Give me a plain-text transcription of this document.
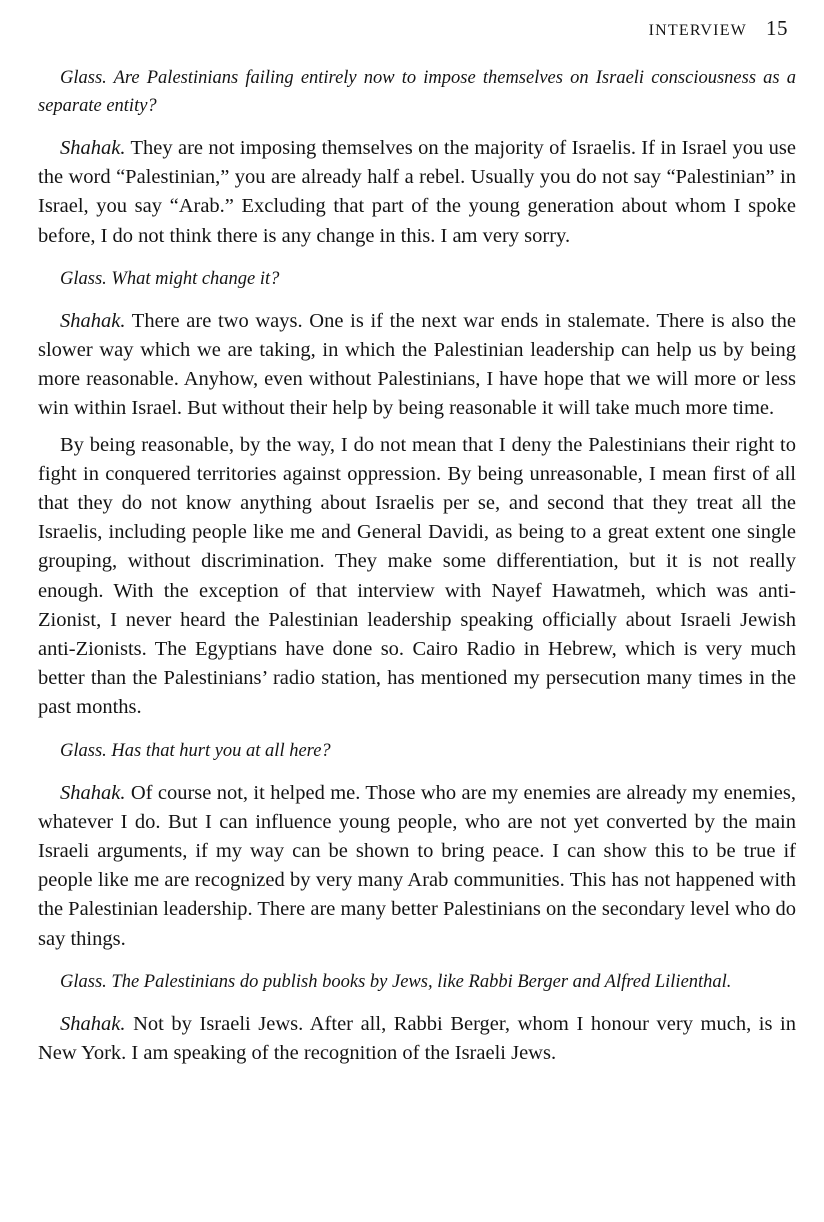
INTERVIEW 15

Glass. Are Palestinians failing entirely now to impose themselves on Israeli consciousness as a separate entity?

Shahak. They are not imposing themselves on the majority of Israelis. If in Israel you use the word “Palestinian,” you are already half a rebel. Usually you do not say “Palestinian” in Israel, you say “Arab.” Excluding that part of the young generation about whom I spoke before, I do not think there is any change in this. I am very sorry.

Glass. What might change it?

Shahak. There are two ways. One is if the next war ends in stalemate. There is also the slower way which we are taking, in which the Palestinian leadership can help us by being more reasonable. Anyhow, even without Palestinians, I have hope that we will more or less win within Israel. But without their help by being reasonable it will take much more time.

By being reasonable, by the way, I do not mean that I deny the Palestinians their right to fight in conquered territories against oppression. By being unreasonable, I mean first of all that they do not know anything about Israelis per se, and second that they treat all the Israelis, including people like me and General Davidi, as being to a great extent one single grouping, without discrimination. They make some differentiation, but it is not really enough. With the exception of that interview with Nayef Hawatmeh, which was anti-Zionist, I never heard the Palestinian leadership speaking officially about Israeli Jewish anti-Zionists. The Egyptians have done so. Cairo Radio in Hebrew, which is very much better than the Palestinians’ radio station, has mentioned my persecution many times in the past months.

Glass. Has that hurt you at all here?

Shahak. Of course not, it helped me. Those who are my enemies are already my enemies, whatever I do. But I can influence young people, who are not yet converted by the main Israeli arguments, if my way can be shown to bring peace. I can show this to be true if people like me are recognized by very many Arab communities. This has not happened with the Palestinian leadership. There are many better Palestinians on the secondary level who do say things.

Glass. The Palestinians do publish books by Jews, like Rabbi Berger and Alfred Lilienthal.

Shahak. Not by Israeli Jews. After all, Rabbi Berger, whom I honour very much, is in New York. I am speaking of the recognition of the Israeli Jews.
